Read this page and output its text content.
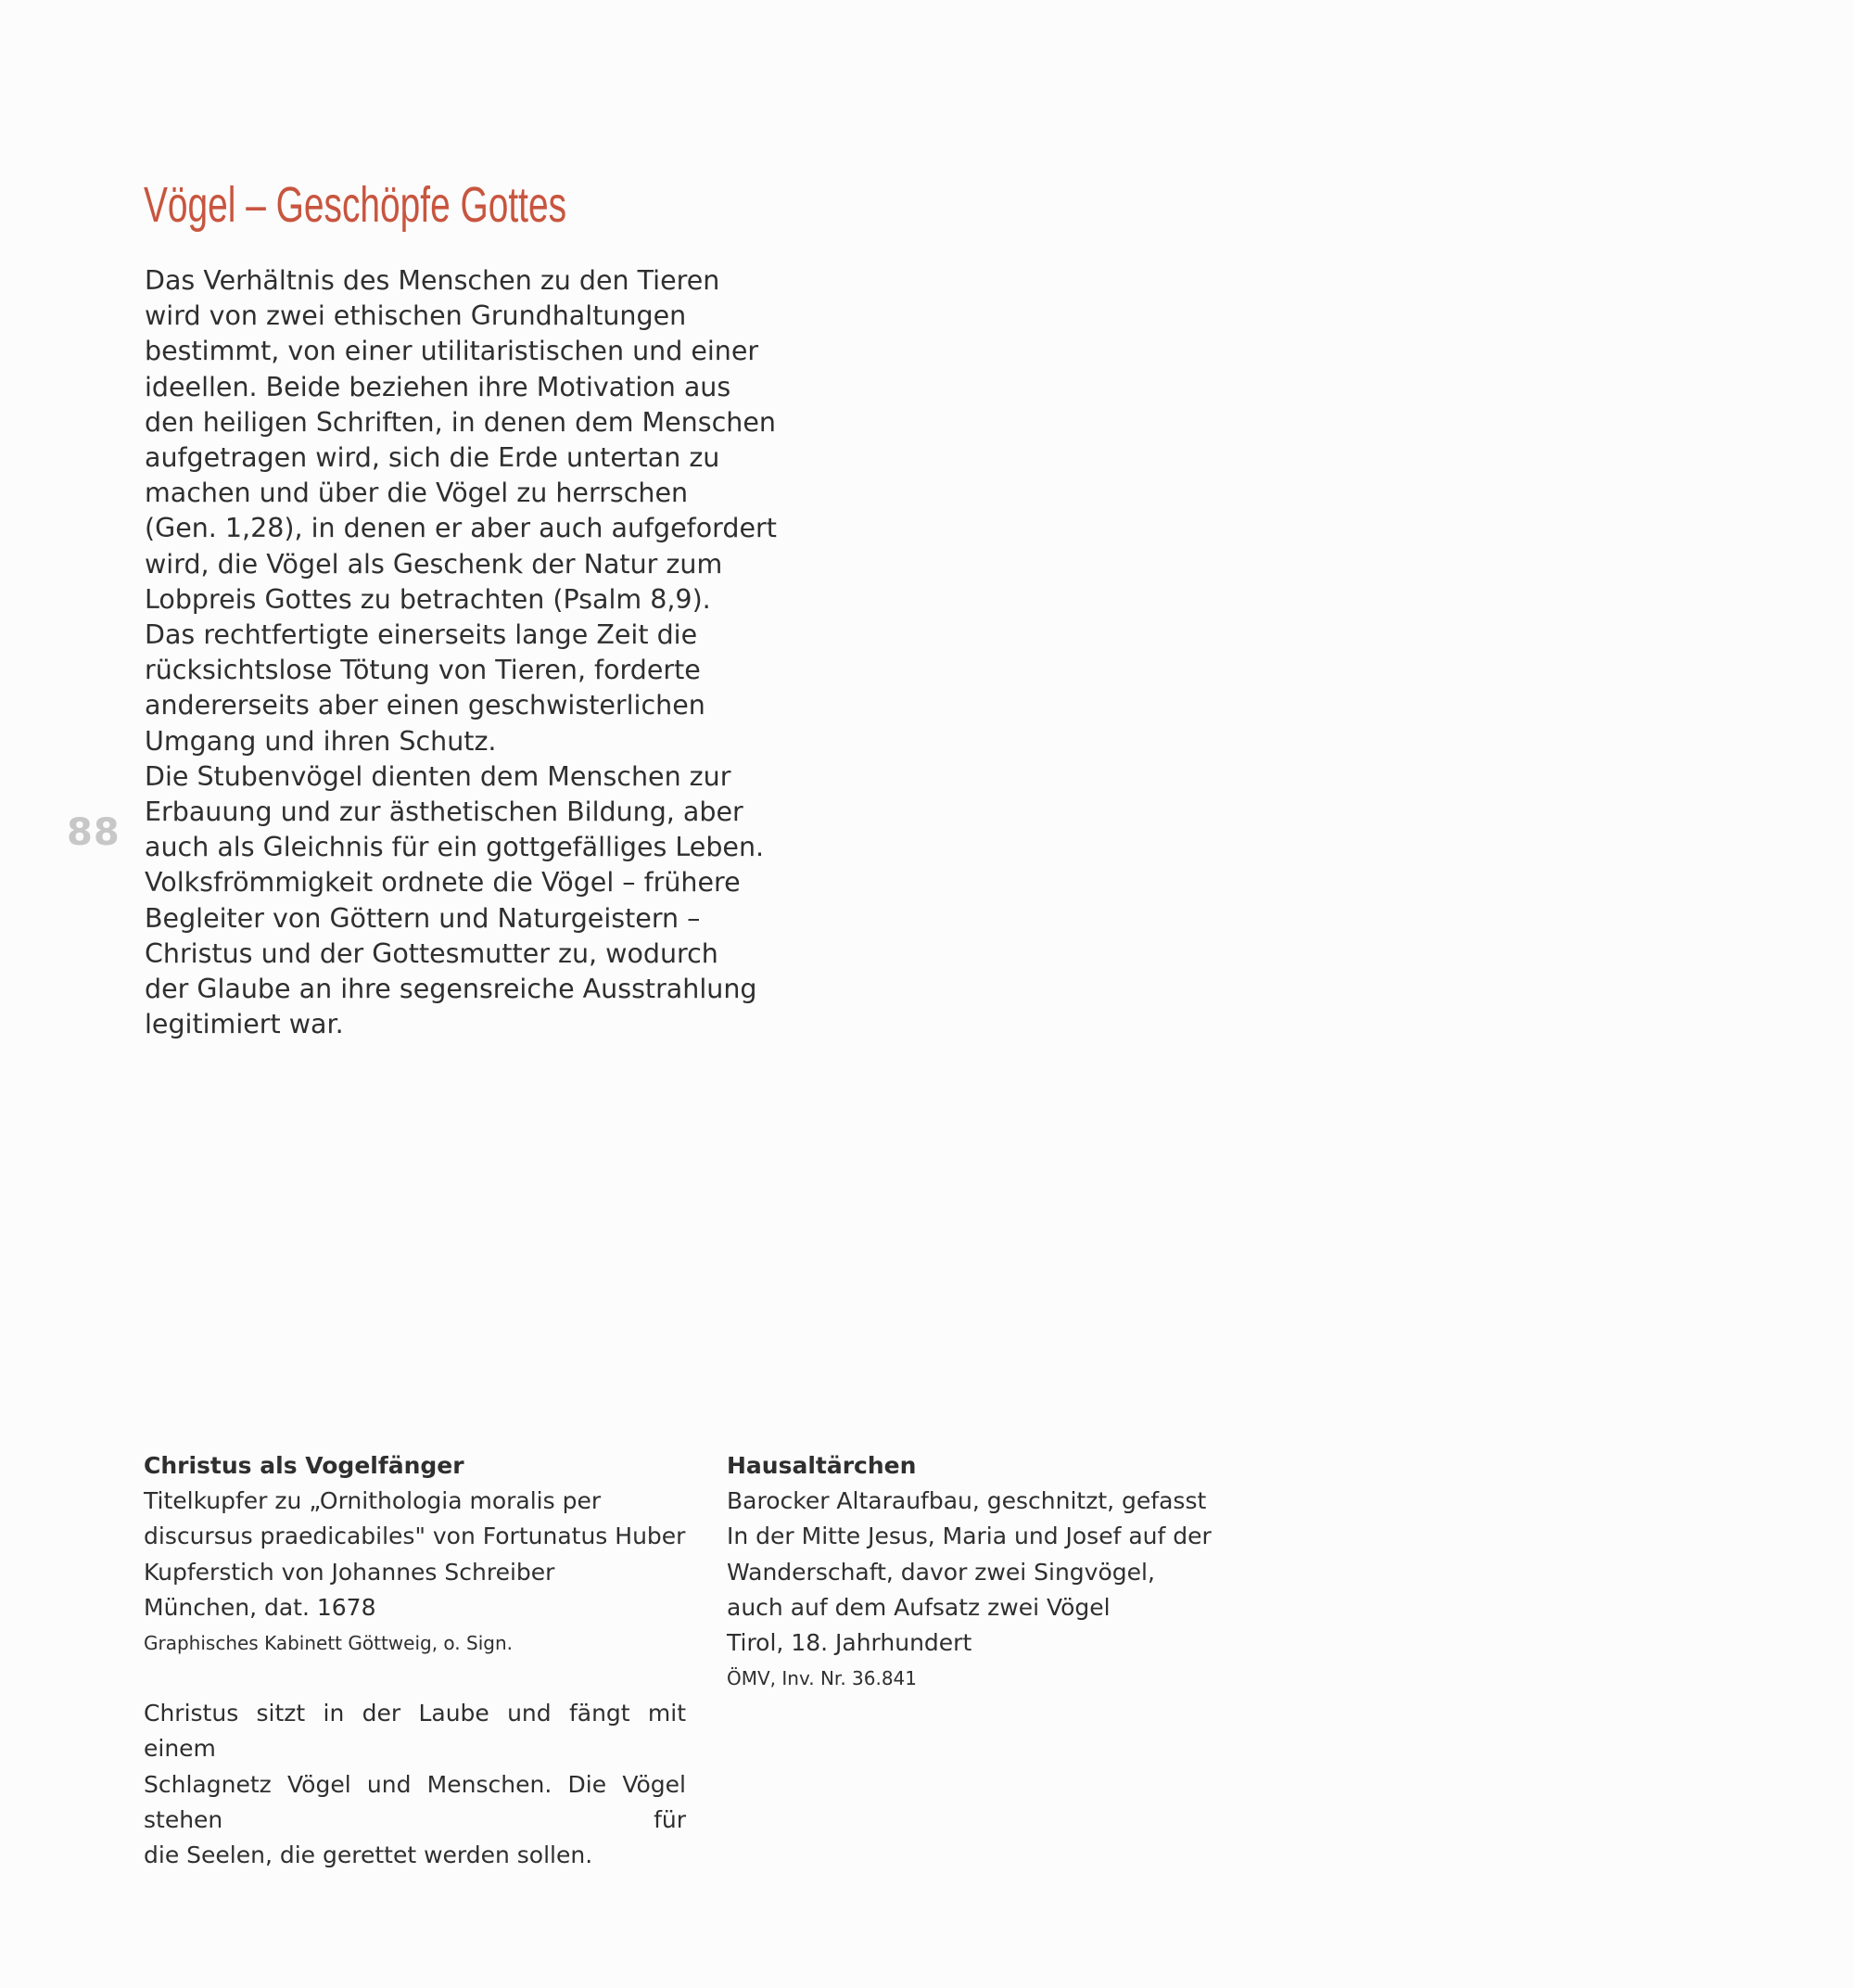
88
Vögel – Geschöpfe Gottes
Das Verhältnis des Menschen zu den Tieren
wird von zwei ethischen Grundhaltungen
bestimmt, von einer utilitaristischen und einer
ideellen. Beide beziehen ihre Motivation aus
den heiligen Schriften, in denen dem Menschen
aufgetragen wird, sich die Erde untertan zu
machen und über die Vögel zu herrschen
(Gen. 1,28), in denen er aber auch aufgefordert
wird, die Vögel als Geschenk der Natur zum
Lobpreis Gottes zu betrachten (Psalm 8,9).
Das rechtfertigte einerseits lange Zeit die
rücksichtslose Tötung von Tieren, forderte
andererseits aber einen geschwisterlichen
Umgang und ihren Schutz.
Die Stubenvögel dienten dem Menschen zur
Erbauung und zur ästhetischen Bildung, aber
auch als Gleichnis für ein gottgefälliges Leben.
Volksfrömmigkeit ordnete die Vögel – frühere
Begleiter von Göttern und Naturgeistern –
Christus und der Gottesmutter zu, wodurch
der Glaube an ihre segensreiche Ausstrahlung
legitimiert war.
Christus als Vogelfänger
Titelkupfer zu „Ornithologia moralis per
discursus praedicabiles" von Fortunatus Huber
Kupferstich von Johannes Schreiber
München, dat. 1678
Graphisches Kabinett Göttweig, o. Sign.
Christus sitzt in der Laube und fängt mit einem
Schlagnetz Vögel und Menschen. Die Vögel stehen für
die Seelen, die gerettet werden sollen.
Hausaltärchen
Barocker Altaraufbau, geschnitzt, gefasst
In der Mitte Jesus, Maria und Josef auf der
Wanderschaft, davor zwei Singvögel,
auch auf dem Aufsatz zwei Vögel
Tirol, 18. Jahrhundert
ÖMV, Inv. Nr. 36.841
